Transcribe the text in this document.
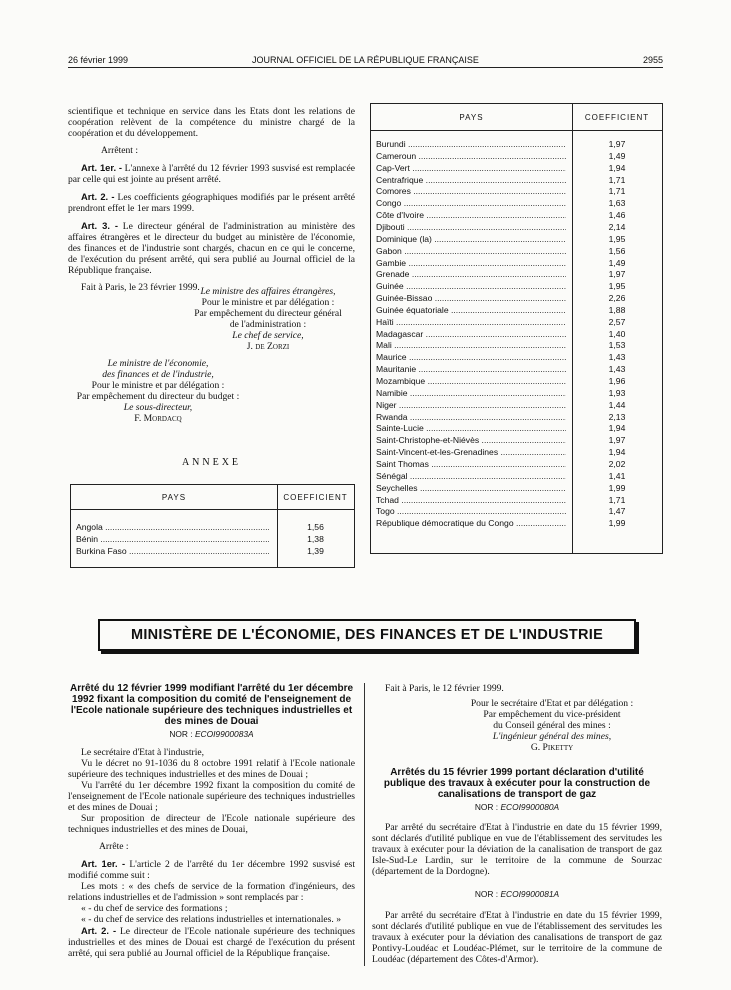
26 février 1999	JOURNAL OFFICIEL DE LA RÉPUBLIQUE FRANÇAISE	2955

scientifique et technique en service dans les Etats dont les relations de coopération relèvent de la compétence du ministre chargé de la coopération et du développement.

Arrêtent :

Art. 1er. - L'annexe à l'arrêté du 12 février 1993 susvisé est remplacée par celle qui est jointe au présent arrêté.

Art. 2. - Les coefficients géographiques modifiés par le présent arrêté prendront effet le 1er mars 1999.

Art. 3. - Le directeur général de l'administration au ministère des affaires étrangères et le directeur du budget au ministère de l'économie, des finances et de l'industrie sont chargés, chacun en ce qui le concerne, de l'exécution du présent arrêté, qui sera publié au Journal officiel de la République française.

Fait à Paris, le 23 février 1999. Le ministre des affaires étrangères,

Pour le ministre et par délégation :

Par empêchement du directeur général

de l'administration :

Le chef de service,

J. de Zorzi

Le ministre de l'économie,

des finances et de l'industrie,

Pour le ministre et par délégation :

Par empêchement du directeur du budget :

Le sous-directeur,

F. Mordacq

ANNEXE
PAYS	COEFFICIENT
Angola .....	1,56
Bénin .....	1,38
Burkina Faso .....	1,39
PAYS	COEFFICIENT
Burundi .....	1,97
Cameroun .....	1,49
Cap-Vert .....	1,94
Centrafrique .....	1,71
Comores .....	1,71
Congo .....	1,63
Côte d'Ivoire .....	1,46
Djibouti .....	2,14
Dominique (la) .....	1,95
Gabon .....	1,56
Gambie .....	1,49
Grenade .....	1,97
Guinée .....	1,95
Guinée-Bissao .....	2,26
Guinée équatoriale .....	1,88
Haïti .....	2,57
Madagascar .....	1,40
Mali .....	1,53
Maurice .....	1,43
Mauritanie .....	1,43
Mozambique .....	1,96
Namibie .....	1,93
Niger .....	1,44
Rwanda .....	2,13
Sainte-Lucie .....	1,94
Saint-Christophe-et-Niévès .....	1,97
Saint-Vincent-et-les-Grenadines .....	1,94
Saint Thomas .....	2,02
Sénégal .....	1,41
Seychelles .....	1,99
Tchad .....	1,71
Togo .....	1,47
République démocratique du Congo .....	1,99
MINISTÈRE DE L'ÉCONOMIE, DES FINANCES ET DE L'INDUSTRIE

Arrêté du 12 février 1999 modifiant l'arrêté du 1er décembre 1992 fixant la composition du comité de l'enseignement de l'Ecole nationale supérieure des techniques industrielles et des mines de Douai

NOR : ECOI9900083A

Le secrétaire d'Etat à l'industrie,

Vu le décret no 91-1036 du 8 octobre 1991 relatif à l'Ecole nationale supérieure des techniques industrielles et des mines de Douai ;

Vu l'arrêté du 1er décembre 1992 fixant la composition du comité de l'enseignement de l'Ecole nationale supérieure des techniques industrielles et des mines de Douai ;

Sur proposition de directeur de l'Ecole nationale supérieure des techniques industrielles et des mines de Douai,

Arrête :

Art. 1er. - L'article 2 de l'arrêté du 1er décembre 1992 susvisé est modifié comme suit :

Les mots : « des chefs de service de la formation d'ingénieurs, des relations industrielles et de l'admission » sont remplacés par :

« - du chef de service des formations ;

« - du chef de service des relations industrielles et internationales. »

Art. 2. - Le directeur de l'Ecole nationale supérieure des techniques industrielles et des mines de Douai est chargé de l'exécution du présent arrêté, qui sera publié au Journal officiel de la République française.

Fait à Paris, le 12 février 1999.

Pour le secrétaire d'Etat et par délégation :

Par empêchement du vice-président

du Conseil général des mines :

L'ingénieur général des mines,

G. Piketty

Arrêtés du 15 février 1999 portant déclaration d'utilité publique des travaux à exécuter pour la construction de canalisations de transport de gaz

NOR : ECOI9900080A

Par arrêté du secrétaire d'Etat à l'industrie en date du 15 février 1999, sont déclarés d'utilité publique en vue de l'établissement des servitudes les travaux à exécuter pour la déviation de la canalisation de transport de gaz Isle-Sud-Le Lardin, sur le territoire de la commune de Sourzac (département de la Dordogne).

NOR : ECOI9900081A

Par arrêté du secrétaire d'Etat à l'industrie en date du 15 février 1999, sont déclarés d'utilité publique en vue de l'établissement des servitudes les travaux à exécuter pour la déviation des canalisations de transport de gaz Pontivy-Loudéac et Loudéac-Plémet, sur le territoire de la commune de Loudéac (département des Côtes-d'Armor).
